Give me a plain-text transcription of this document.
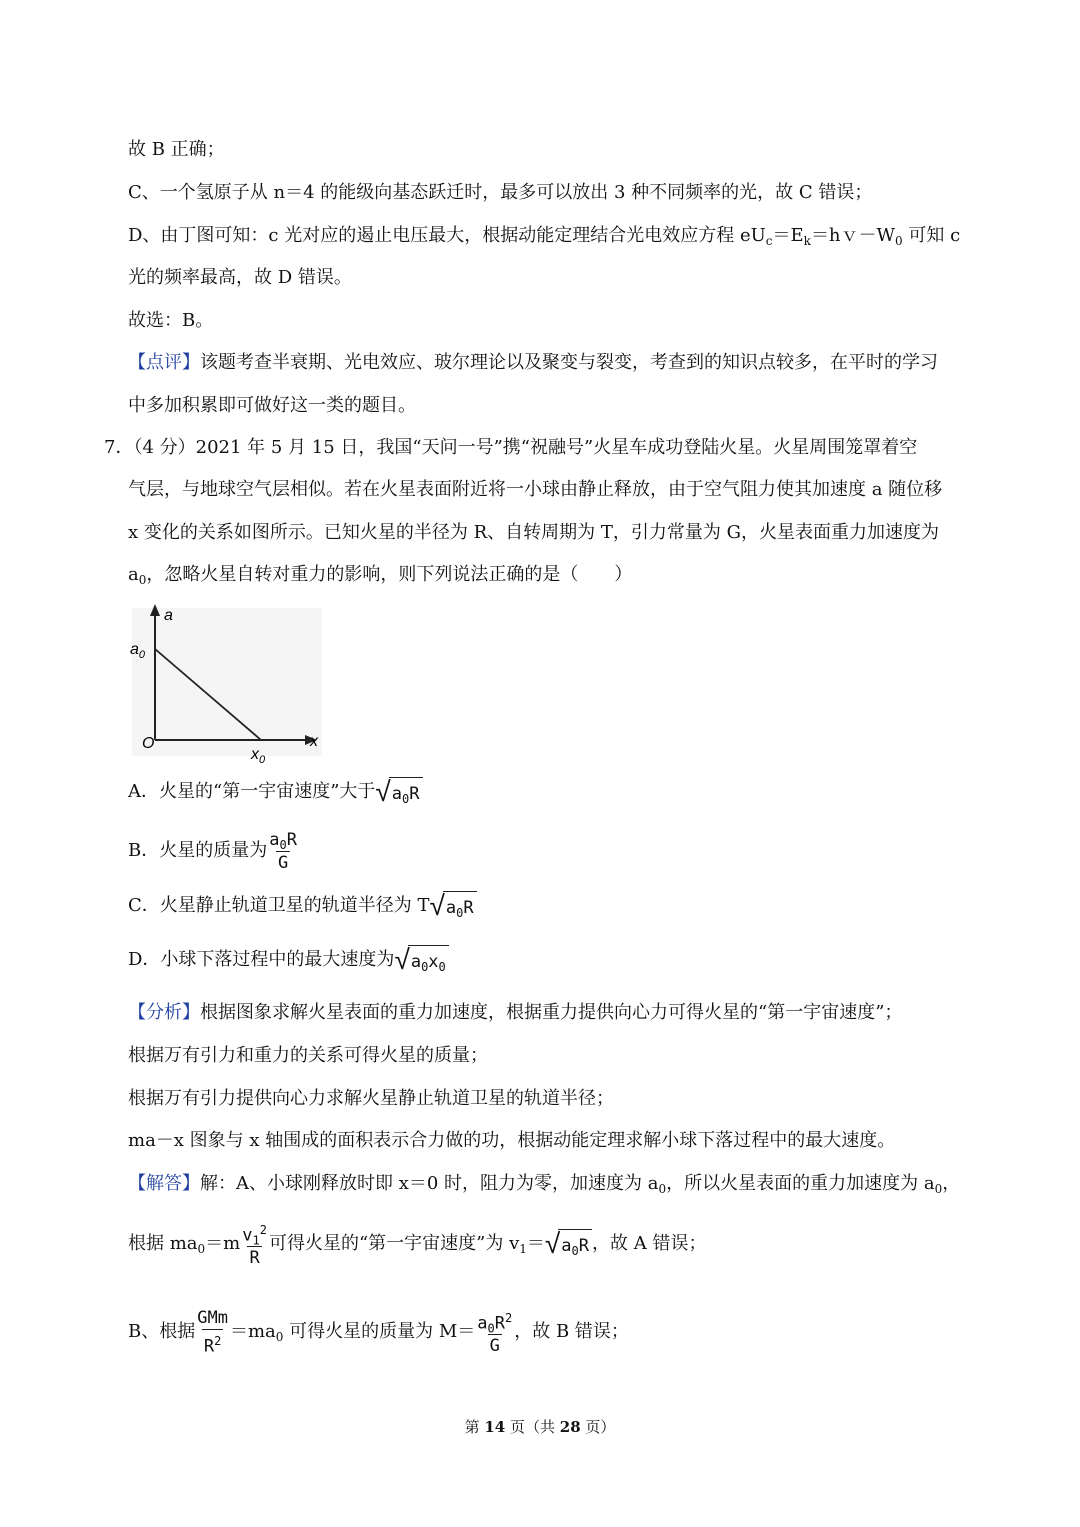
故 B 正确；
C、一个氢原子从 n＝4 的能级向基态跃迁时，最多可以放出 3 种不同频率的光，故 C 错误；
D、由丁图可知：c 光对应的遏止电压最大，根据动能定理结合光电效应方程 $eU_c=E_k=hv-W_0$ 可知 c
光的频率最高，故 D 错误。
故选：B。
【点评】该题考查半衰期、光电效应、玻尔理论以及聚变与裂变，考查到的知识点较多，在平时的学习
中多加积累即可做好这一类的题目。
7．（4 分）2021 年 5 月 15 日，我国“天问一号”携“祝融号”火星车成功登陆火星。火星周围笼罩着空
气层，与地球空气层相似。若在火星表面附近将一小球由静止释放，由于空气阻力使其加速度 a 随位移
x 变化的关系如图所示。已知火星的半径为 R、自转周期为 T，引力常量为 G，火星表面重力加速度为
$a_0$，忽略火星自转对重力的影响，则下列说法正确的是（　　）
a
x
O
$a_0$
$x_0$
A．火星的“第一宇宙速度”大于 √ $a_0R$
B．火星的质量为 $\frac{a_0R}{G}$
C．火星静止轨道卫星的轨道半径为 T √ $a_0R$
D．小球下落过程中的最大速度为 √ $a_0x_0$
【分析】根据图象求解火星表面的重力加速度，根据重力提供向心力可得火星的“第一宇宙速度”；
根据万有引力和重力的关系可得火星的质量；
根据万有引力提供向心力求解火星静止轨道卫星的轨道半径；
ma－x 图象与 x 轴围成的面积表示合力做的功，根据动能定理求解小球下落过程中的最大速度。
【解答】解：A、小球刚释放时即 x＝0 时，阻力为零，加速度为 $a_0$，所以火星表面的重力加速度为 $a_0$，
根据 $ma_0=m \frac{v_1^2}{R}$ 可得火星的“第一宇宙速度”为 $v_1=$ √ $a_0R$ ，故 A 错误；
B、根据 $\frac{\text{GMm}}{R^2} =ma_0$ 可得火星的质量为 $M= \frac{a_0R^2}{G}$ ，故 B 错误；
第 14 页（共 28 页）
